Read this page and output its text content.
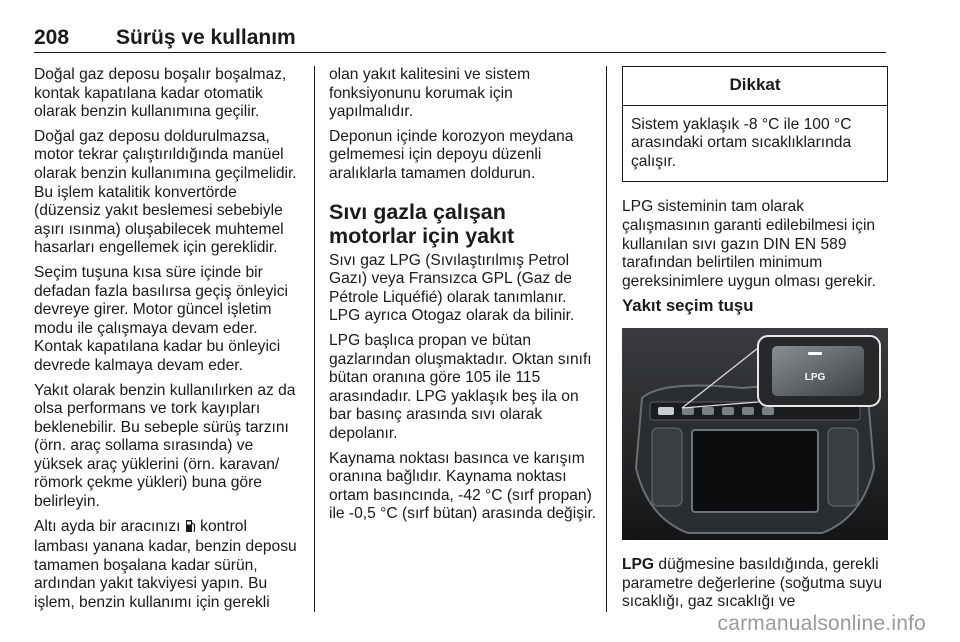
208 Sürüş ve kullanım

Doğal gaz deposu boşalır boşalmaz, kontak kapatılana kadar otomatik olarak benzin kullanımına geçilir.

Doğal gaz deposu doldurulmazsa, motor tekrar çalıştırıldığında manüel olarak benzin kullanımına geçilmelidir. Bu işlem katalitik konvertörde (düzensiz yakıt beslemesi sebebiyle aşırı ısınma) oluşabilecek muhtemel hasarları engellemek için gereklidir.

Seçim tuşuna kısa süre içinde bir defadan fazla basılırsa geçiş önleyici devreye girer. Motor güncel işletim modu ile çalışmaya devam eder. Kontak kapatılana kadar bu önleyici devrede kalmaya devam eder.

Yakıt olarak benzin kullanılırken az da olsa performans ve tork kayıpları beklenebilir. Bu sebeple sürüş tarzını (örn. araç sollama sırasında) ve yüksek araç yüklerini (örn. karavan/ römork çekme yükleri) buna göre belirleyin.

Altı ayda bir aracınızı  kontrol lambası yanana kadar, benzin deposu tamamen boşalana kadar sürün, ardından yakıt takviyesi yapın. Bu işlem, benzin kullanımı için gerekli

olan yakıt kalitesini ve sistem fonksiyonunu korumak için yapılmalıdır.

Deponun içinde korozyon meydana gelmemesi için depoyu düzenli aralıklarla tamamen doldurun.

Sıvı gazla çalışan motorlar için yakıt

Sıvı gaz LPG (Sıvılaştırılmış Petrol Gazı) veya Fransızca GPL (Gaz de Pétrole Liquéfié) olarak tanımlanır. LPG ayrıca Otogaz olarak da bilinir.

LPG başlıca propan ve bütan gazlarından oluşmaktadır. Oktan sınıfı bütan oranına göre 105 ile 115 arasındadır. LPG yaklaşık beş ila on bar basınç arasında sıvı olarak depolanır.

Kaynama noktası basınca ve karışım oranına bağlıdır. Kaynama noktası ortam basıncında, -42 °C (sırf propan) ile -0,5 °C (sırf bütan) arasında değişir.

Dikkat
Sistem yaklaşık -8 °C ile 100 °C arasındaki ortam sıcaklıklarında çalışır.

LPG sisteminin tam olarak çalışmasının garanti edilebilmesi için kullanılan sıvı gazın DIN EN 589 tarafından belirtilen minimum gereksinimlere uygun olması gerekir.

Yakıt seçim tuşu
LPG

LPG düğmesine basıldığında, gerekli parametre değerlerine (soğutma suyu sıcaklığı, gaz sıcaklığı ve

carmanualsonline.info
